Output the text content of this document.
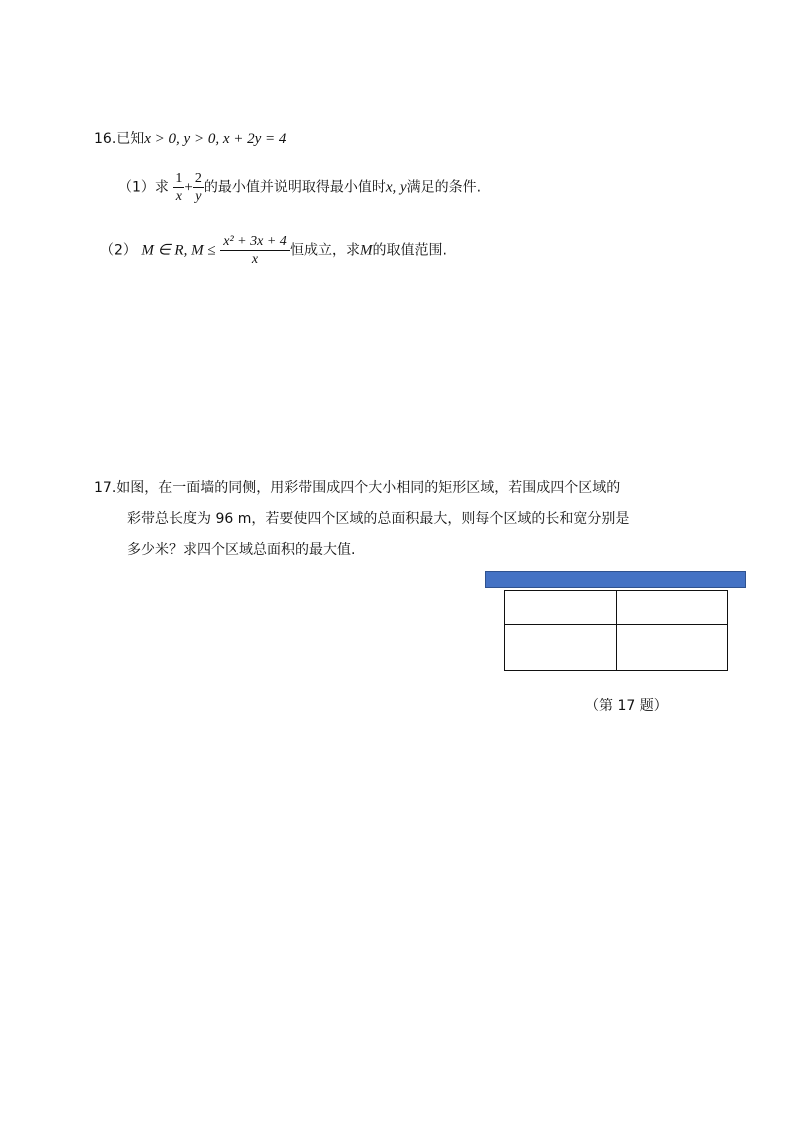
16.已知x > 0, y > 0, x + 2y = 4
（1）求 $\frac{1}{x} + \frac{2}{y}$ 的最小值并说明取得最小值时x, y满足的条件.
（2） M ∈ R, $M \le \frac{\text{x² + 3x + 4}}{x}$ 恒成立，求M的取值范围.
17.如图，在一面墙的同侧，用彩带围成四个大小相同的矩形区域，若围成四个区域的
彩带总长度为 96 m，若要使四个区域的总面积最大，则每个区域的长和宽分别是
多少米？求四个区域总面积的最大值.
（第 17 题）
